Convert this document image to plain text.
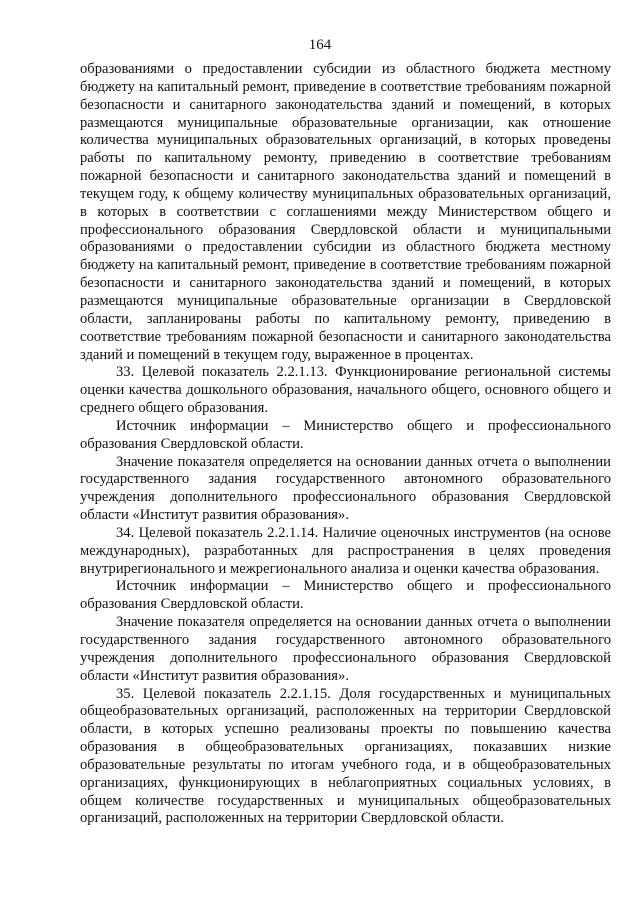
164

образованиями о предоставлении субсидии из областного бюджета местному бюджету на капитальный ремонт, приведение в соответствие требованиям пожарной безопасности и санитарного законодательства зданий и помещений, в которых размещаются муниципальные образовательные организации, как отношение количества муниципальных образовательных организаций, в которых проведены работы по капитальному ремонту, приведению в соответствие требованиям пожарной безопасности и санитарного законодательства зданий и помещений в текущем году, к общему количеству муниципальных образовательных организаций, в которых в соответствии с соглашениями между Министерством общего и профессионального образования Свердловской области и муниципальными образованиями о предоставлении субсидии из областного бюджета местному бюджету на капитальный ремонт, приведение в соответствие требованиям пожарной безопасности и санитарного законодательства зданий и помещений, в которых размещаются муниципальные образовательные организации в Свердловской области, запланированы работы по капитальному ремонту, приведению в соответствие требованиям пожарной безопасности и санитарного законодательства зданий и помещений в текущем году, выраженное в процентах.

33. Целевой показатель 2.2.1.13. Функционирование региональной системы оценки качества дошкольного образования, начального общего, основного общего и среднего общего образования.

Источник информации – Министерство общего и профессионального образования Свердловской области.

Значение показателя определяется на основании данных отчета о выполнении государственного задания государственного автономного образовательного учреждения дополнительного профессионального образования Свердловской области «Институт развития образования».

34. Целевой показатель 2.2.1.14. Наличие оценочных инструментов (на основе международных), разработанных для распространения в целях проведения внутрирегионального и межрегионального анализа и оценки качества образования.

Источник информации – Министерство общего и профессионального образования Свердловской области.

Значение показателя определяется на основании данных отчета о выполнении государственного задания государственного автономного образовательного учреждения дополнительного профессионального образования Свердловской области «Институт развития образования».

35. Целевой показатель 2.2.1.15. Доля государственных и муниципальных общеобразовательных организаций, расположенных на территории Свердловской области, в которых успешно реализованы проекты по повышению качества образования в общеобразовательных организациях, показавших низкие образовательные результаты по итогам учебного года, и в общеобразовательных организациях, функционирующих в неблагоприятных социальных условиях, в общем количестве государственных и муниципальных общеобразовательных организаций, расположенных на территории Свердловской области.
